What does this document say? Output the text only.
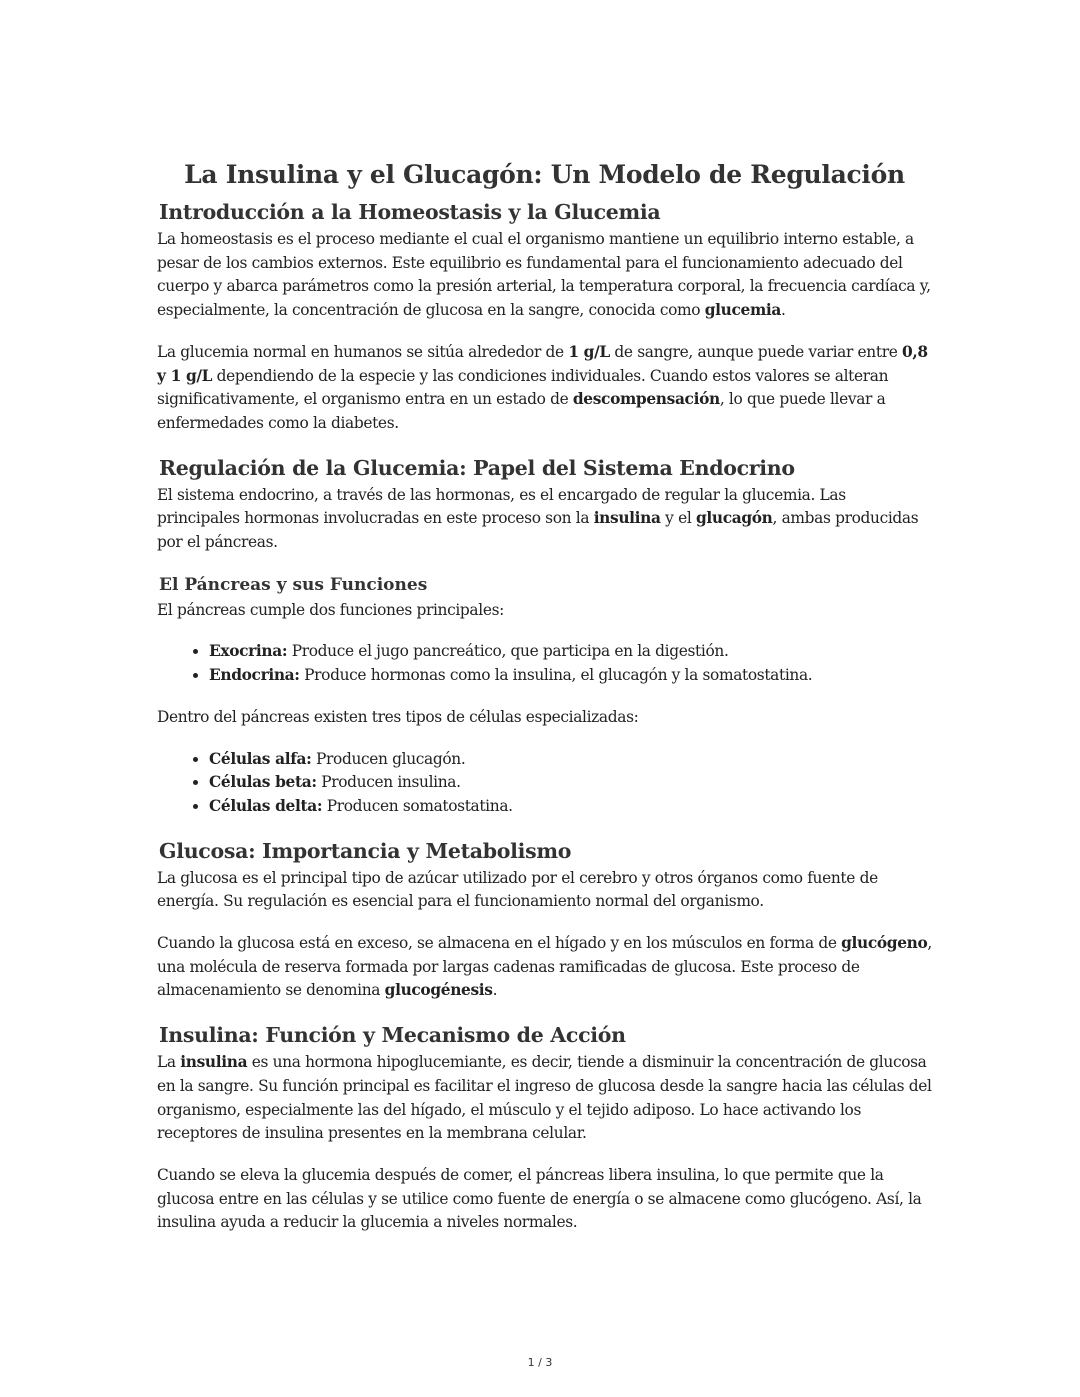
La Insulina y el Glucagón: Un Modelo de Regulación
Introducción a la Homeostasis y la Glucemia

La homeostasis es el proceso mediante el cual el organismo mantiene un equilibrio interno estable, a pesar de los cambios externos. Este equilibrio es fundamental para el funcionamiento adecuado del cuerpo y abarca parámetros como la presión arterial, la temperatura corporal, la frecuencia cardíaca y, especialmente, la concentración de glucosa en la sangre, conocida como glucemia.

La glucemia normal en humanos se sitúa alrededor de 1 g/L de sangre, aunque puede variar entre 0,8 y 1 g/L dependiendo de la especie y las condiciones individuales. Cuando estos valores se alteran significativamente, el organismo entra en un estado de descompensación, lo que puede llevar a enfermedades como la diabetes.

Regulación de la Glucemia: Papel del Sistema Endocrino

El sistema endocrino, a través de las hormonas, es el encargado de regular la glucemia. Las principales hormonas involucradas en este proceso son la insulina y el glucagón, ambas producidas por el páncreas.

El Páncreas y sus Funciones

El páncreas cumple dos funciones principales:

• Exocrina: Produce el jugo pancreático, que participa en la digestión.
• Endocrina: Produce hormonas como la insulina, el glucagón y la somatostatina.

Dentro del páncreas existen tres tipos de células especializadas:

• Células alfa: Producen glucagón.
• Células beta: Producen insulina.
• Células delta: Producen somatostatina.
Glucosa: Importancia y Metabolismo

La glucosa es el principal tipo de azúcar utilizado por el cerebro y otros órganos como fuente de energía. Su regulación es esencial para el funcionamiento normal del organismo.

Cuando la glucosa está en exceso, se almacena en el hígado y en los músculos en forma de glucógeno, una molécula de reserva formada por largas cadenas ramificadas de glucosa. Este proceso de almacenamiento se denomina glucogénesis.

Insulina: Función y Mecanismo de Acción

La insulina es una hormona hipoglucemiante, es decir, tiende a disminuir la concentración de glucosa en la sangre. Su función principal es facilitar el ingreso de glucosa desde la sangre hacia las células del organismo, especialmente las del hígado, el músculo y el tejido adiposo. Lo hace activando los receptores de insulina presentes en la membrana celular.

Cuando se eleva la glucemia después de comer, el páncreas libera insulina, lo que permite que la glucosa entre en las células y se utilice como fuente de energía o se almacene como glucógeno. Así, la insulina ayuda a reducir la glucemia a niveles normales.

1 / 3
